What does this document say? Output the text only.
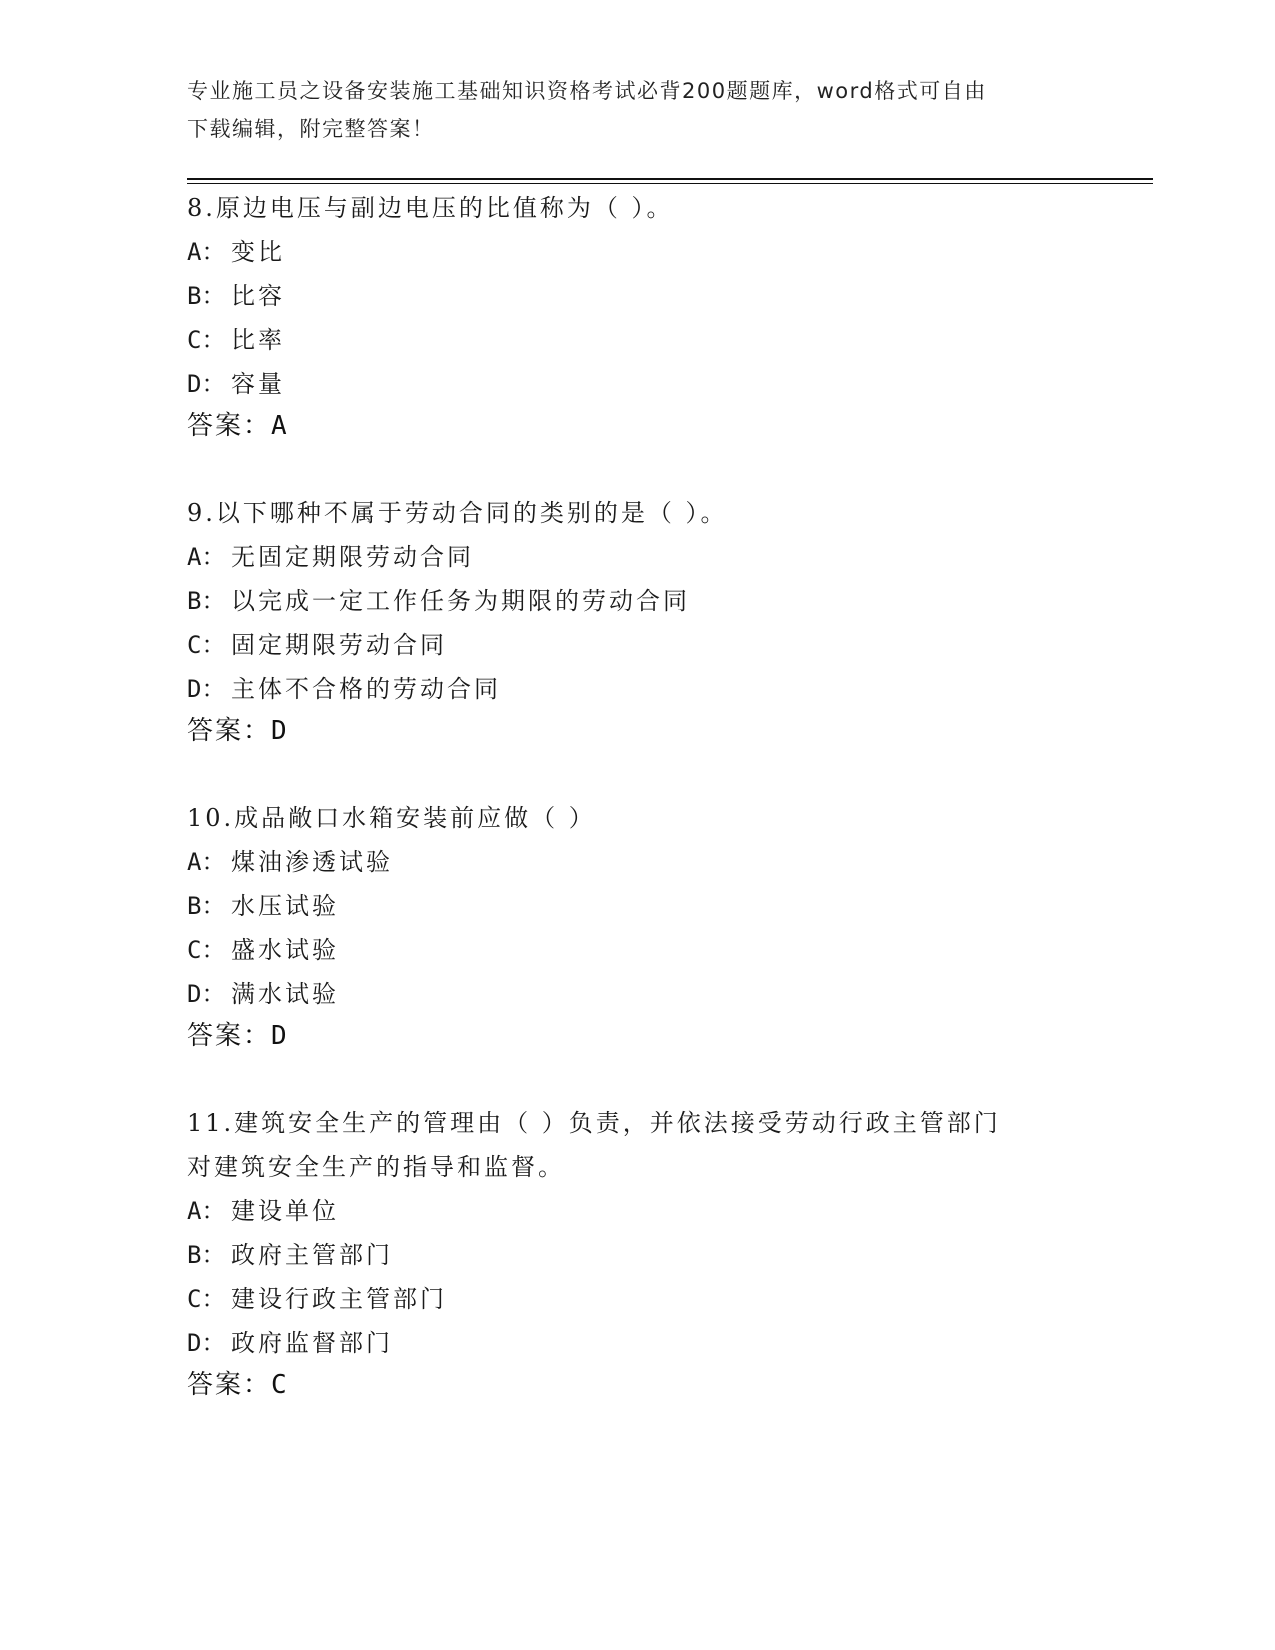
专业施工员之设备安装施工基础知识资格考试必背200题题库，word格式可自由
下载编辑，附完整答案！
8.原边电压与副边电压的比值称为（ ）。
A： 变比
B： 比容
C： 比率
D： 容量
答案：A
9.以下哪种不属于劳动合同的类别的是（ ）。
A： 无固定期限劳动合同
B： 以完成一定工作任务为期限的劳动合同
C： 固定期限劳动合同
D： 主体不合格的劳动合同
答案：D
10.成品敞口水箱安装前应做（ ）
A： 煤油渗透试验
B： 水压试验
C： 盛水试验
D： 满水试验
答案：D
11.建筑安全生产的管理由（ ）负责，并依法接受劳动行政主管部门
对建筑安全生产的指导和监督。
A： 建设单位
B： 政府主管部门
C： 建设行政主管部门
D： 政府监督部门
答案：C
